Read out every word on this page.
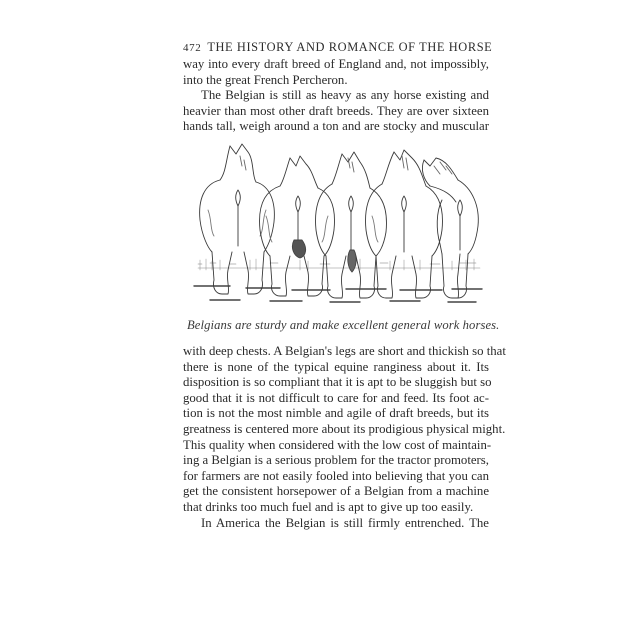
472 THE HISTORY AND ROMANCE OF THE HORSE
way into every draft breed of England and, not impossibly,
into the great French Percheron.
The Belgian is still as heavy as any horse existing and
heavier than most other draft breeds. They are over sixteen
hands tall, weigh around a ton and are stocky and muscular
Belgians are sturdy and make excellent general work horses.
with deep chests. A Belgian's legs are short and thickish so that
there is none of the typical equine ranginess about it. Its
disposition is so compliant that it is apt to be sluggish but so
good that it is not difficult to care for and feed. Its foot ac-
tion is not the most nimble and agile of draft breeds, but its
greatness is centered more about its prodigious physical might.
This quality when considered with the low cost of maintain-
ing a Belgian is a serious problem for the tractor promoters,
for farmers are not easily fooled into believing that you can
get the consistent horsepower of a Belgian from a machine
that drinks too much fuel and is apt to give up too easily.
In America the Belgian is still firmly entrenched. The
